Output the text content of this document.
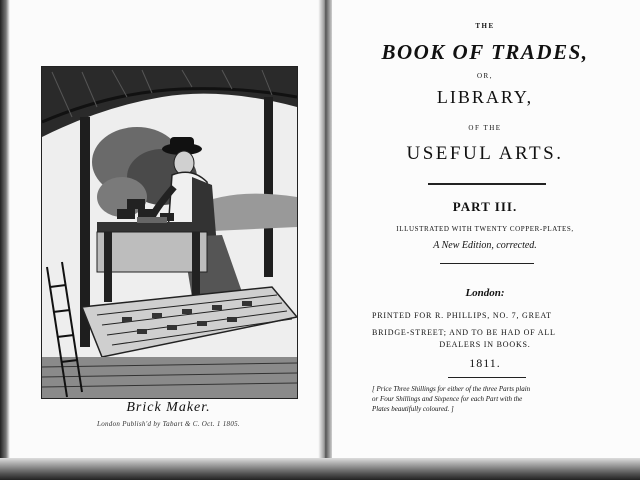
Brick Maker.
London Publish'd by Tabart & C. Oct. 1 1805.
THE
BOOK OF TRADES,
OR,
LIBRARY,
OF THE
USEFUL ARTS.
PART III.
ILLUSTRATED WITH TWENTY COPPER-PLATES,
A New Edition, corrected.
London:
PRINTED FOR R. PHILLIPS, NO. 7, GREAT
BRIDGE-STREET; AND TO BE HAD OF ALL
DEALERS IN BOOKS.
1811.
[ Price Three Shillings for either of the three Parts plain
or Four Shillings and Sixpence for each Part with the
Plates beautifully coloured. ]
